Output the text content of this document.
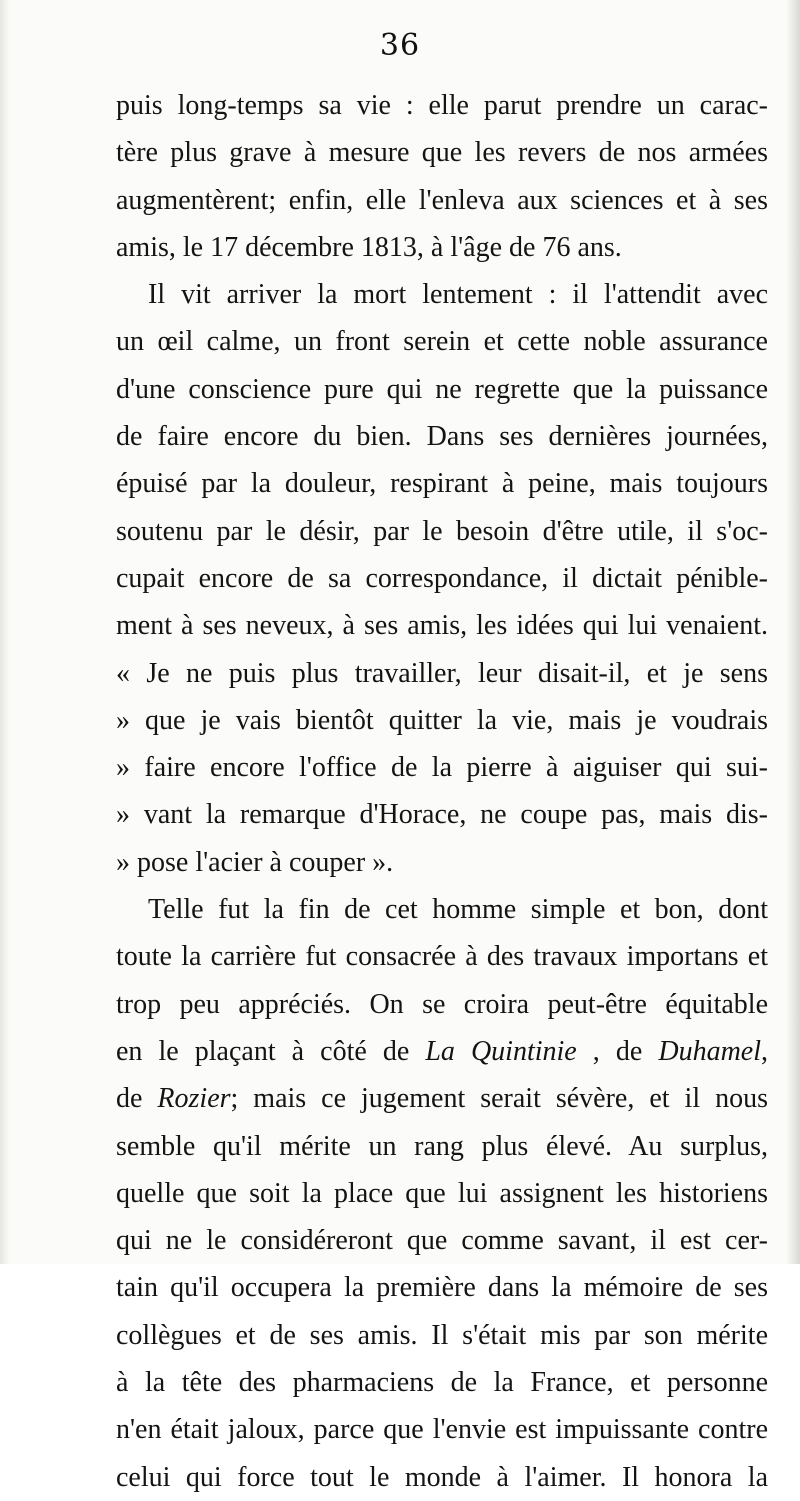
36
puis long-temps sa vie : elle parut prendre un carac-
tère plus grave à mesure que les revers de nos armées
augmentèrent; enfin, elle l'enleva aux sciences et à ses
amis, le 17 décembre 1813, à l'âge de 76 ans.
Il vit arriver la mort lentement : il l'attendit avec
un œil calme, un front serein et cette noble assurance
d'une conscience pure qui ne regrette que la puissance
de faire encore du bien. Dans ses dernières journées,
épuisé par la douleur, respirant à peine, mais toujours
soutenu par le désir, par le besoin d'être utile, il s'oc-
cupait encore de sa correspondance, il dictait pénible-
ment à ses neveux, à ses amis, les idées qui lui venaient.
« Je ne puis plus travailler, leur disait-il, et je sens
» que je vais bientôt quitter la vie, mais je voudrais
» faire encore l'office de la pierre à aiguiser qui sui-
» vant la remarque d'Horace, ne coupe pas, mais dis-
» pose l'acier à couper ».
Telle fut la fin de cet homme simple et bon, dont
toute la carrière fut consacrée à des travaux importans et
trop peu appréciés. On se croira peut-être équitable
en le plaçant à côté de La Quintinie , de Duhamel,
de Rozier; mais ce jugement serait sévère, et il nous
semble qu'il mérite un rang plus élevé. Au surplus,
quelle que soit la place que lui assignent les historiens
qui ne le considéreront que comme savant, il est cer-
tain qu'il occupera la première dans la mémoire de ses
collègues et de ses amis. Il s'était mis par son mérite
à la tête des pharmaciens de la France, et personne
n'en était jaloux, parce que l'envie est impuissante contre
celui qui force tout le monde à l'aimer. Il honora la
